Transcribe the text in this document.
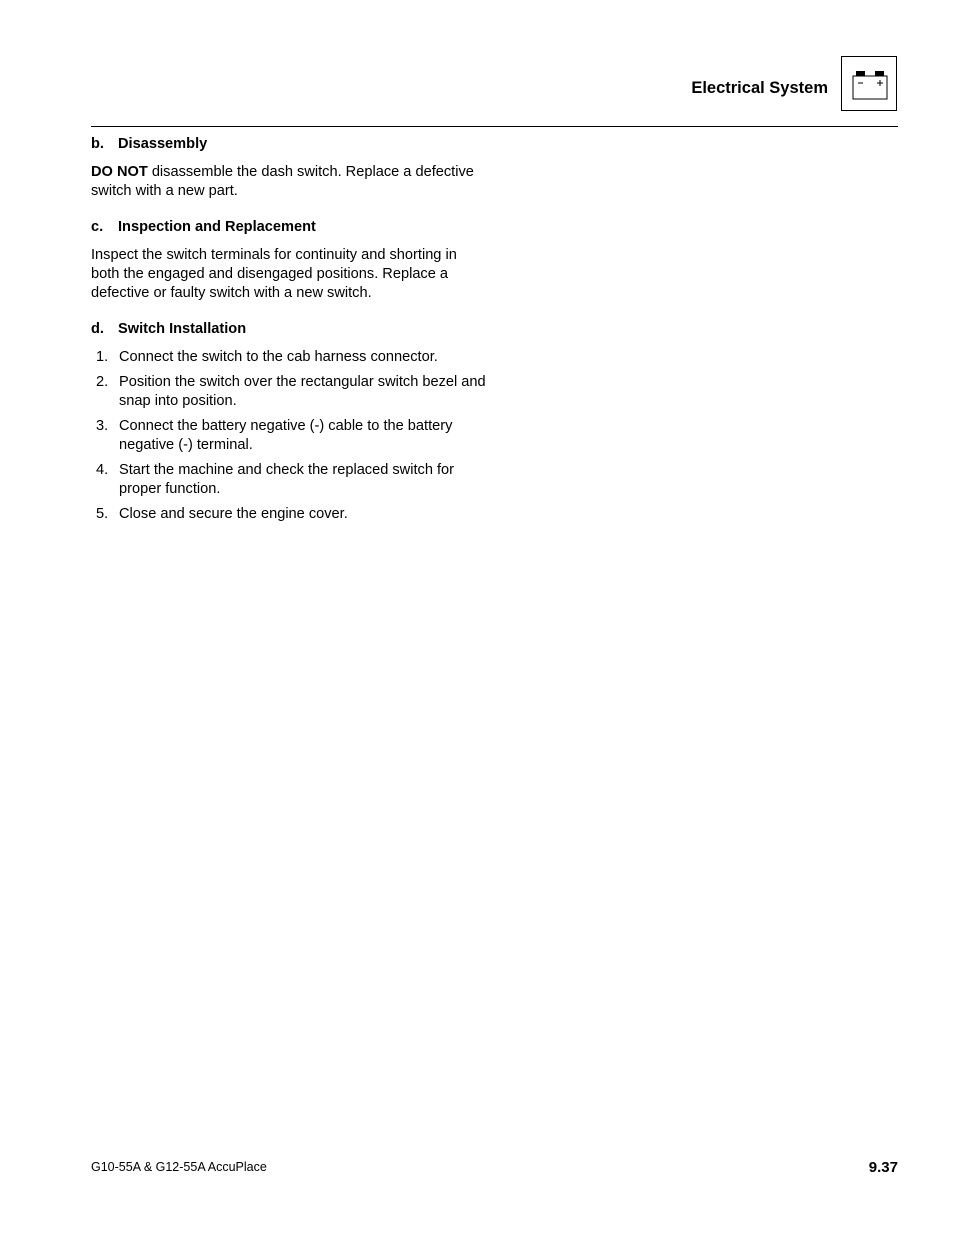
Electrical System

b. Disassembly

DO NOT disassemble the dash switch. Replace a defective switch with a new part.

c. Inspection and Replacement

Inspect the switch terminals for continuity and shorting in both the engaged and disengaged positions. Replace a defective or faulty switch with a new switch.

d. Switch Installation

1. Connect the switch to the cab harness connector.
2. Position the switch over the rectangular switch bezel and snap into position.
3. Connect the battery negative (-) cable to the battery negative (-) terminal.
4. Start the machine and check the replaced switch for proper function.
5. Close and secure the engine cover.
G10-55A & G12-55A AccuPlace	9.37
